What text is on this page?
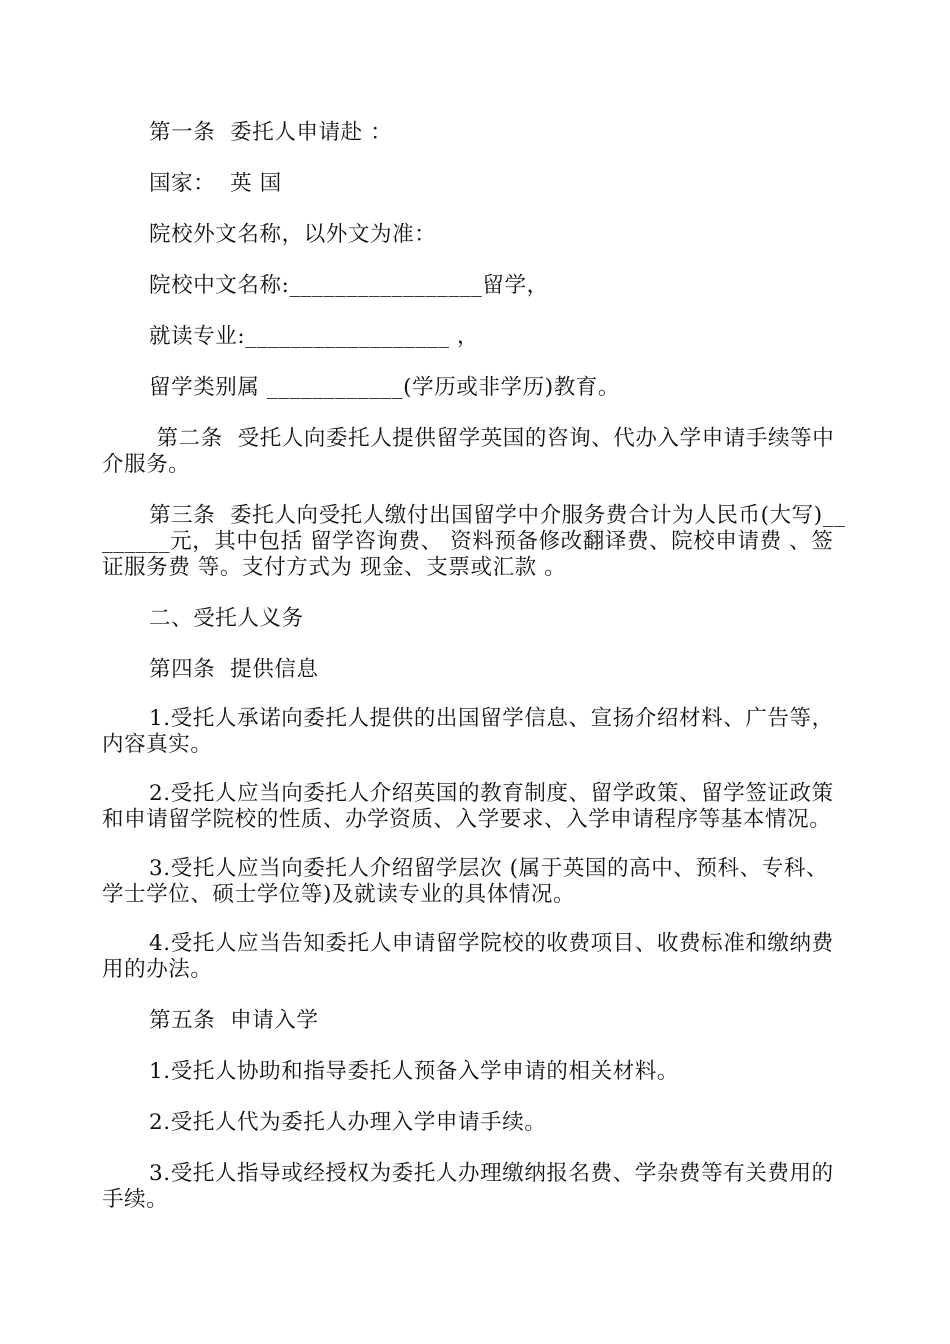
第一条  委托人申请赴 ：

国家：  英 国

院校外文名称，以外文为准：

院校中文名称:_________________留学，

就读专业:__________________ ，

留学类别属 ____________(学历或非学历)教育。

第二条  受托人向委托人提供留学英国的咨询、代办入学申请手续等中介服务。

第三条  委托人向受托人缴付出国留学中介服务费合计为人民币(大写)________元，其中包括 留学咨询费、 资料预备修改翻译费、院校申请费 、签证服务费 等。支付方式为 现金、支票或汇款 。

二、受托人义务

第四条  提供信息

1.受托人承诺向委托人提供的出国留学信息、宣扬介绍材料、广告等，内容真实。

2.受托人应当向委托人介绍英国的教育制度、留学政策、留学签证政策和申请留学院校的性质、办学资质、入学要求、入学申请程序等基本情况。

3.受托人应当向委托人介绍留学层次 (属于英国的高中、预科、专科、学士学位、硕士学位等)及就读专业的具体情况。

4.受托人应当告知委托人申请留学院校的收费项目、收费标准和缴纳费用的办法。

第五条  申请入学

1.受托人协助和指导委托人预备入学申请的相关材料。

2.受托人代为委托人办理入学申请手续。

3.受托人指导或经授权为委托人办理缴纳报名费、学杂费等有关费用的手续。
